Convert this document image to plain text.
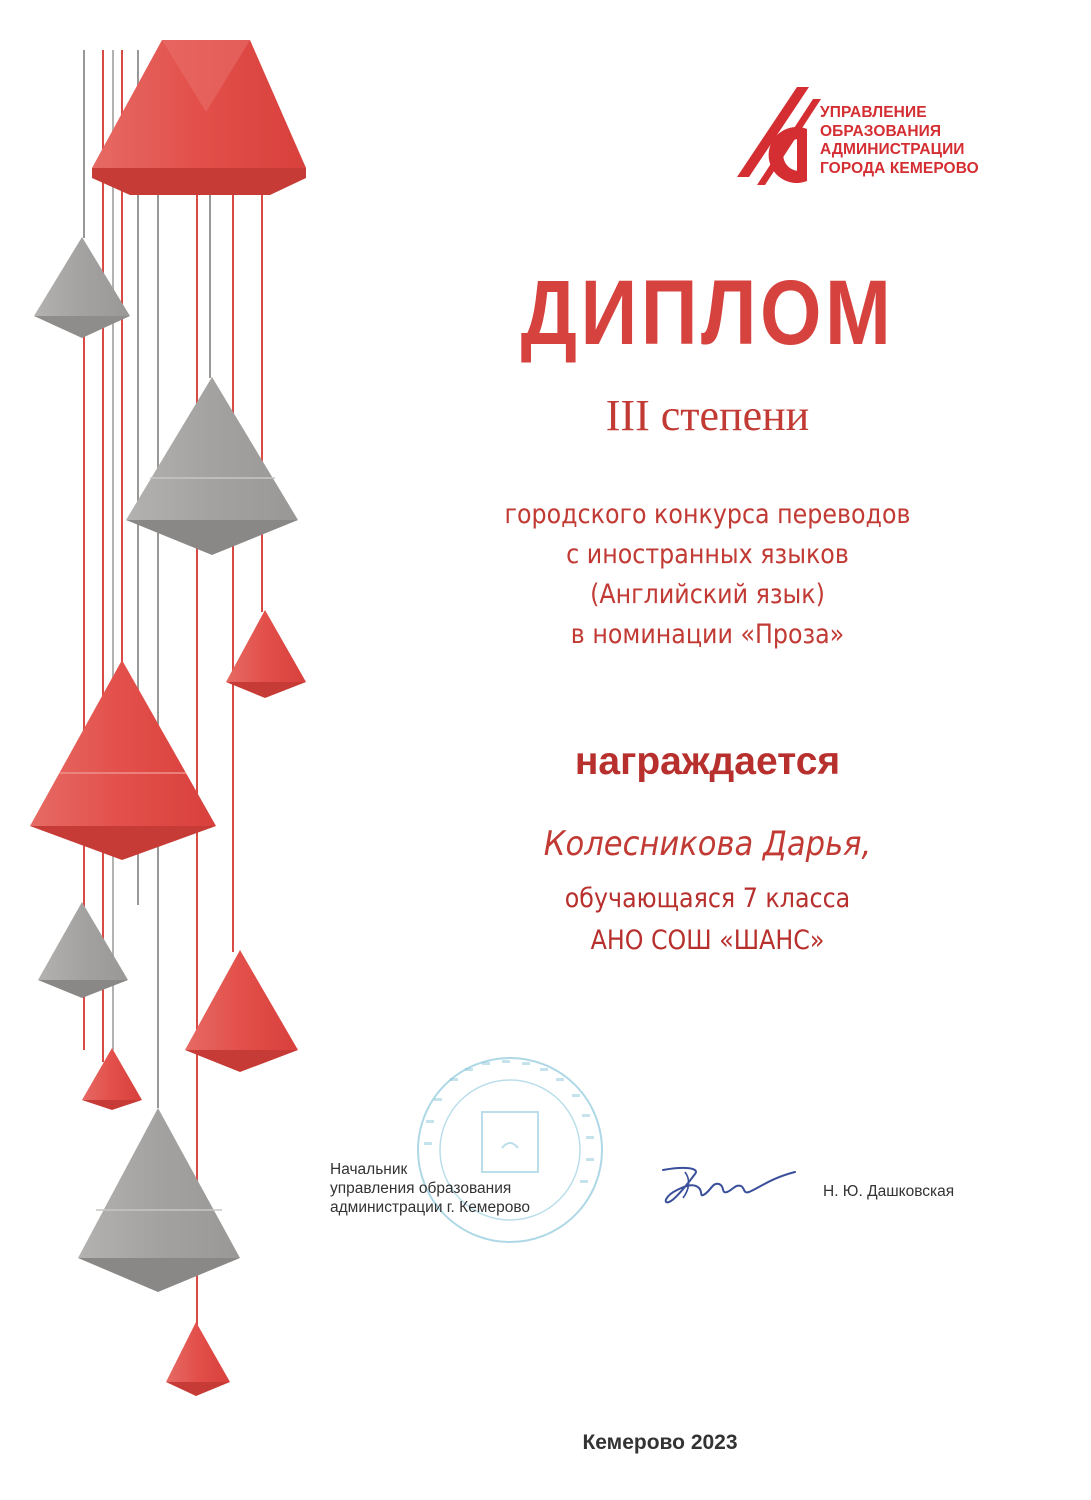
УПРАВЛЕНИЕ
ОБРАЗОВАНИЯ
АДМИНИСТРАЦИИ
ГОРОДА КЕМЕРОВО
ДИПЛОМ
III степени
городского конкурса переводов
с иностранных языков
(Английский язык)
в номинации «Проза»
награждается
Колесникова Дарья,
обучающаяся 7 класса
АНО СОШ «ШАНС»
Начальник
управления образования
администрации г. Кемерово
Н. Ю. Дашковская
Кемерово 2023
